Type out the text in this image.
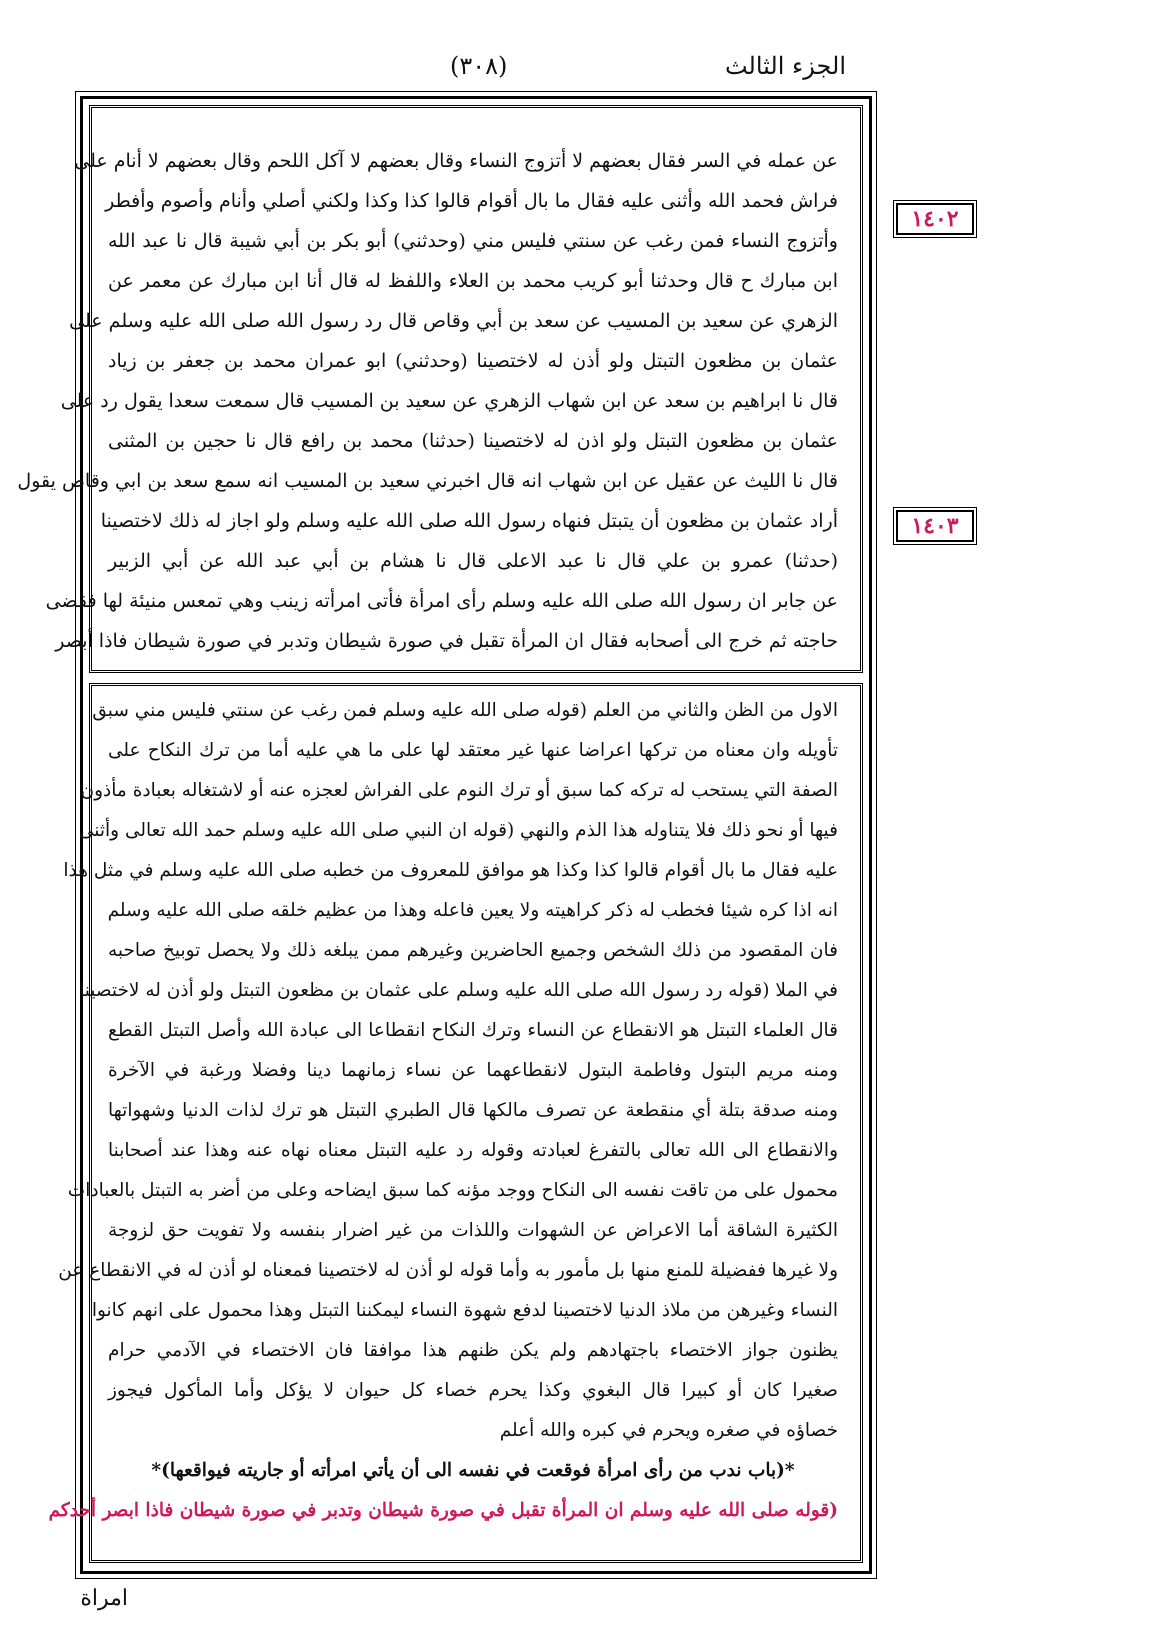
الجزء الثالث
(٣٠٨)
عن عمله في السر فقال بعضهم لا أتزوج النساء وقال بعضهم لا آكل اللحم وقال بعضهم لا أنام على
فراش فحمد الله وأثنى عليه فقال ما بال أقوام قالوا كذا وكذا ولكني أصلي وأنام وأصوم وأفطر
وأتزوج النساء فمن رغب عن سنتي فليس مني (وحدثني) أبو بكر بن أبي شيبة قال نا عبد الله
ابن مبارك ح قال وحدثنا أبو كريب محمد بن العلاء واللفظ له قال أنا ابن مبارك عن معمر عن
الزهري عن سعيد بن المسيب عن سعد بن أبي وقاص قال رد رسول الله صلى الله عليه وسلم على
عثمان بن مظعون التبتل ولو أذن له لاختصينا (وحدثني) ابو عمران محمد بن جعفر بن زياد
قال نا ابراهيم بن سعد عن ابن شهاب الزهري عن سعيد بن المسيب قال سمعت سعدا يقول رد على
عثمان بن مظعون التبتل ولو اذن له لاختصينا (حدثنا) محمد بن رافع قال نا حجين بن المثنى
قال نا الليث عن عقيل عن ابن شهاب انه قال اخبرني سعيد بن المسيب انه سمع سعد بن ابي وقاص يقول
أراد عثمان بن مظعون أن يتبتل فنهاه رسول الله صلى الله عليه وسلم ولو اجاز له ذلك لاختصينا
(حدثنا) عمرو بن علي قال نا عبد الاعلى قال نا هشام بن أبي عبد الله عن أبي الزبير
عن جابر ان رسول الله صلى الله عليه وسلم رأى امرأة فأتى امرأته زينب وهي تمعس منيئة لها فقضى
حاجته ثم خرج الى أصحابه فقال ان المرأة تقبل في صورة شيطان وتدبر في صورة شيطان فاذا أبصر
الاول من الظن والثاني من العلم (قوله صلى الله عليه وسلم فمن رغب عن سنتي فليس مني سبق
تأويله وان معناه من تركها اعراضا عنها غير معتقد لها على ما هي عليه أما من ترك النكاح على
الصفة التي يستحب له تركه كما سبق أو ترك النوم على الفراش لعجزه عنه أو لاشتغاله بعبادة مأذون
فيها أو نحو ذلك فلا يتناوله هذا الذم والنهي (قوله ان النبي صلى الله عليه وسلم حمد الله تعالى وأثنى
عليه فقال ما بال أقوام قالوا كذا وكذا هو موافق للمعروف من خطبه صلى الله عليه وسلم في مثل هذا
انه اذا كره شيئا فخطب له ذكر كراهيته ولا يعين فاعله وهذا من عظيم خلقه صلى الله عليه وسلم
فان المقصود من ذلك الشخص وجميع الحاضرين وغيرهم ممن يبلغه ذلك ولا يحصل توبيخ صاحبه
في الملا (قوله رد رسول الله صلى الله عليه وسلم على عثمان بن مظعون التبتل ولو أذن له لاختصينا
قال العلماء التبتل هو الانقطاع عن النساء وترك النكاح انقطاعا الى عبادة الله وأصل التبتل القطع
ومنه مريم البتول وفاطمة البتول لانقطاعهما عن نساء زمانهما دينا وفضلا ورغبة في الآخرة
ومنه صدقة بتلة أي منقطعة عن تصرف مالكها قال الطبري التبتل هو ترك لذات الدنيا وشهواتها
والانقطاع الى الله تعالى بالتفرغ لعبادته وقوله رد عليه التبتل معناه نهاه عنه وهذا عند أصحابنا
محمول على من تاقت نفسه الى النكاح ووجد مؤنه كما سبق ايضاحه وعلى من أضر به التبتل بالعبادات
الكثيرة الشاقة أما الاعراض عن الشهوات واللذات من غير اضرار بنفسه ولا تفويت حق لزوجة
ولا غيرها ففضيلة للمنع منها بل مأمور به وأما قوله لو أذن له لاختصينا فمعناه لو أذن له في الانقطاع عن
النساء وغيرهن من ملاذ الدنيا لاختصينا لدفع شهوة النساء ليمكننا التبتل وهذا محمول على انهم كانوا
يظنون جواز الاختصاء باجتهادهم ولم يكن ظنهم هذا موافقا فان الاختصاء في الآدمي حرام
صغيرا كان أو كبيرا قال البغوي وكذا يحرم خصاء كل حيوان لا يؤكل وأما المأكول فيجوز
خصاؤه في صغره ويحرم في كبره والله أعلم
*(باب ندب من رأى امرأة فوقعت في نفسه الى أن يأتي امرأته أو جاريته فيواقعها)*
(قوله صلى الله عليه وسلم ان المرأة تقبل في صورة شيطان وتدبر في صورة شيطان فاذا ابصر أحدكم
١٤٠٢
١٤٠٣
امراة
